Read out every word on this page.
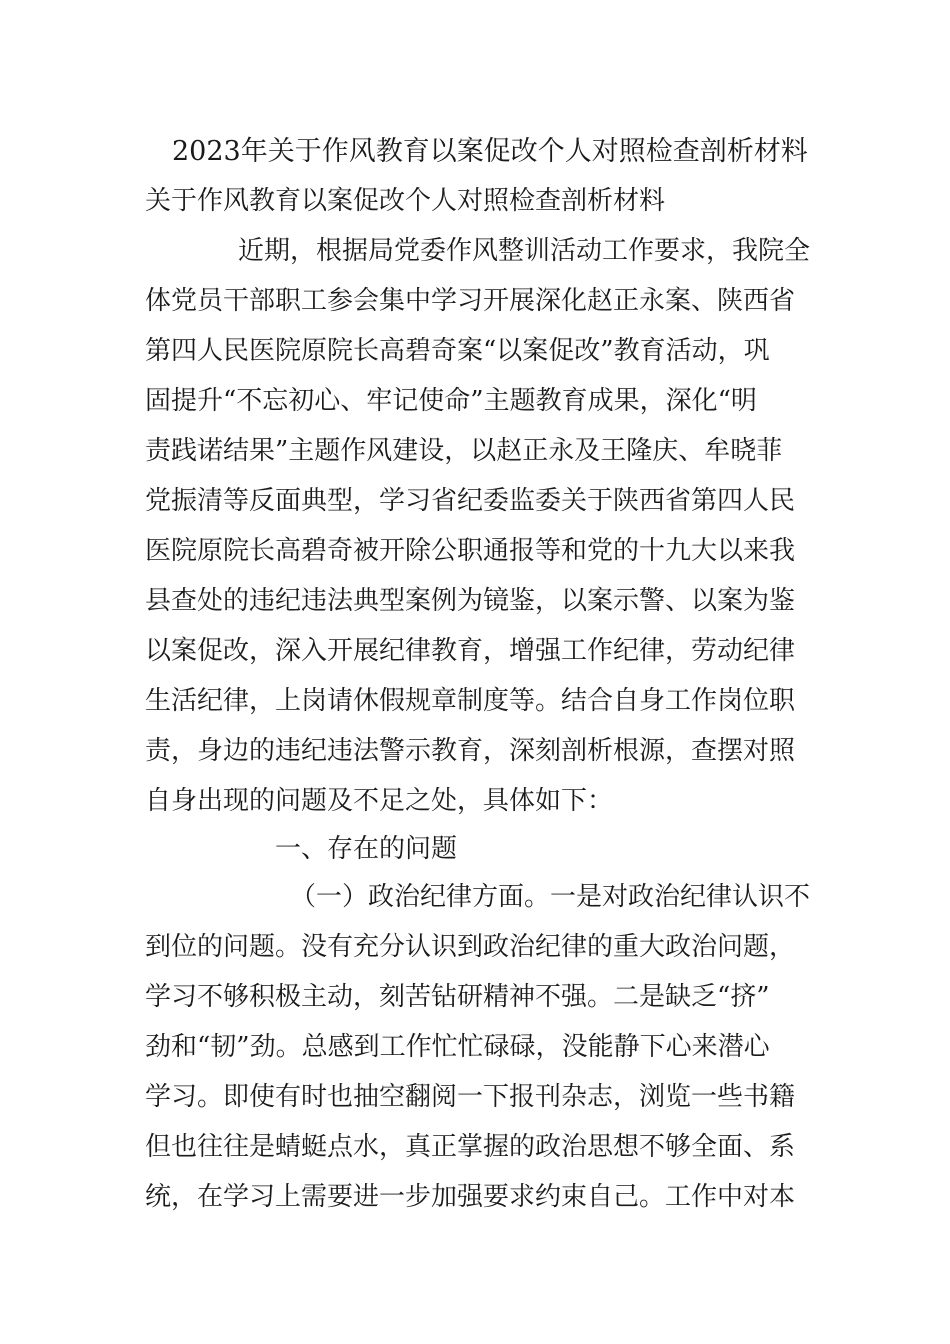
2023年关于作风教育以案促改个人对照检查剖析材料
关于作风教育以案促改个人对照检查剖析材料

近期，根据局党委作风整训活动工作要求，我院全

体党员干部职工参会集中学习开展深化赵正永案、陕西省

第四人民医院原院长高碧奇案“以案促改”教育活动，巩

固提升“不忘初心、牢记使命”主题教育成果，深化“明

责践诺结果”主题作风建设，以赵正永及王隆庆、牟晓菲

党振清等反面典型，学习省纪委监委关于陕西省第四人民

医院原院长高碧奇被开除公职通报等和党的十九大以来我

县查处的违纪违法典型案例为镜鉴，以案示警、以案为鉴

以案促改，深入开展纪律教育，增强工作纪律，劳动纪律

生活纪律，上岗请休假规章制度等。结合自身工作岗位职

责，身边的违纪违法警示教育，深刻剖析根源，查摆对照

自身出现的问题及不足之处，具体如下：

一、存在的问题

（一）政治纪律方面。一是对政治纪律认识不

到位的问题。没有充分认识到政治纪律的重大政治问题，

学习不够积极主动，刻苦钻研精神不强。二是缺乏“挤”

劲和“韧”劲。总感到工作忙忙碌碌，没能静下心来潜心

学习。即使有时也抽空翻阅一下报刊杂志，浏览一些书籍

但也往往是蜻蜓点水，真正掌握的政治思想不够全面、系

统，在学习上需要进一步加强要求约束自己。工作中对本
